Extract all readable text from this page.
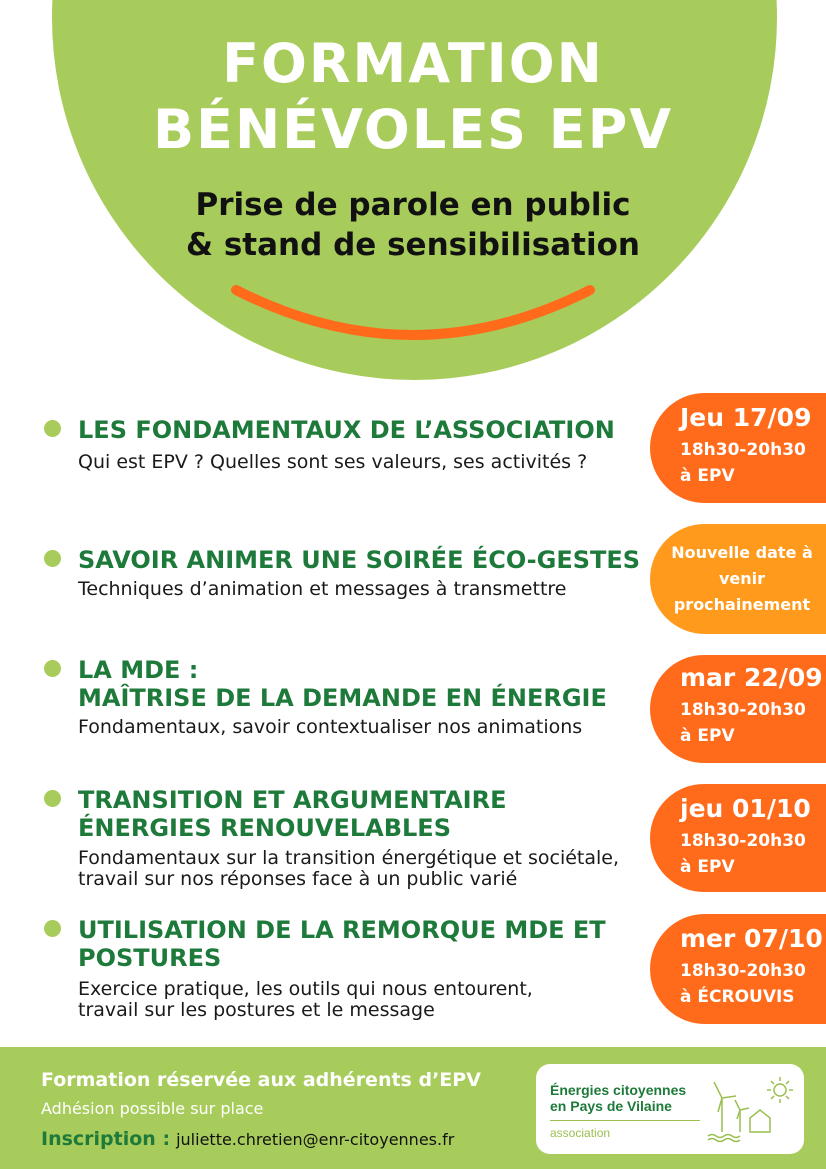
FORMATION
BÉNÉVOLES EPV
Prise de parole en public
& stand de sensibilisation
LES FONDAMENTAUX DE L’ASSOCIATION
Qui est EPV ? Quelles sont ses valeurs, ses activités ?
Jeu 17/09
18h30-20h30
à EPV
SAVOIR ANIMER UNE SOIRÉE ÉCO-GESTES
Techniques d’animation et messages à transmettre
Nouvelle date à venir prochainement
LA MDE :
MAÎTRISE DE LA DEMANDE EN ÉNERGIE
Fondamentaux, savoir contextualiser nos animations
mar 22/09
18h30-20h30
à EPV
TRANSITION ET ARGUMENTAIRE
ÉNERGIES RENOUVELABLES
Fondamentaux sur la transition énergétique et sociétale,
travail sur nos réponses face à un public varié
jeu 01/10
18h30-20h30
à EPV
UTILISATION DE LA REMORQUE MDE ET
POSTURES
Exercice pratique, les outils qui nous entourent,
travail sur les postures et le message
mer 07/10
18h30-20h30
à ÉCROUVIS
Formation réservée aux adhérents d’EPV
Adhésion possible sur place
Inscription : juliette.chretien@enr-citoyennes.fr
Énergies citoyennes
en Pays de Vilaine
association
